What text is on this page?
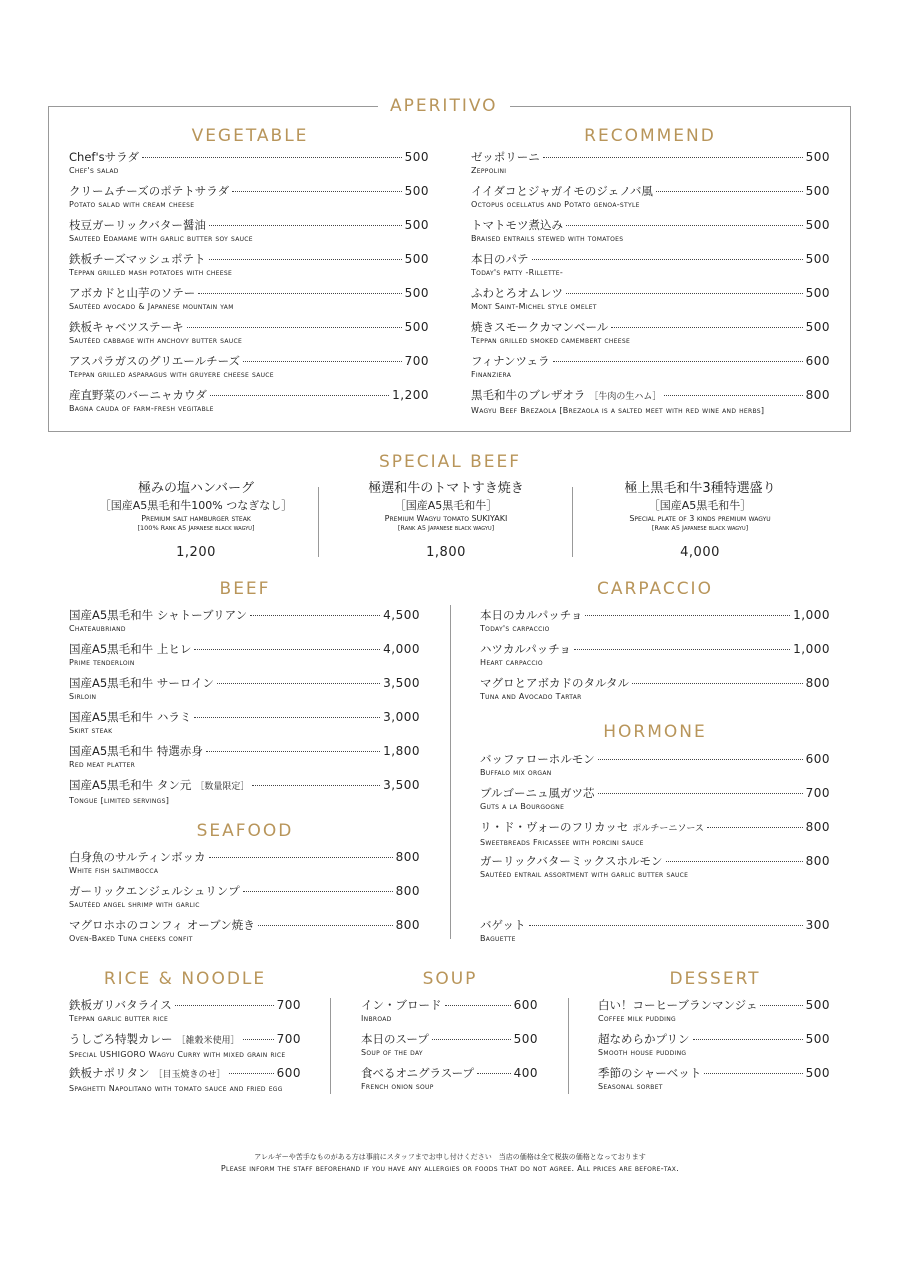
APERITIVO
VEGETABLE	RECOMMEND
Chef'sサラダ	500
Chef's salad
クリームチーズのポテトサラダ	500
Potato salad with cream cheese
枝豆ガーリックバター醤油	500
Sauteed Edamame with garlic butter soy sauce
鉄板チーズマッシュポテト	500
Teppan grilled mash potatoes with cheese
アボカドと山芋のソテー	500
Sautéed avocado & Japanese mountain yam
鉄板キャベツステーキ	500
Sautéed cabbage with anchovy butter sauce
アスパラガスのグリエールチーズ	700
Teppan grilled asparagus with gruyere cheese sauce
産直野菜のバーニャカウダ	1,200
Bagna cauda of farm-fresh vegitable
ゼッポリーニ	500
Zeppolini
イイダコとジャガイモのジェノバ風	500
Octopus ocellatus and Potato genoa-style
トマトモツ煮込み	500
Braised entrails stewed with tomatoes
本日のパテ	500
Today's patty -Rillette-
ふわとろオムレツ	500
Mont Saint-Michel style omelet
焼きスモークカマンベール	500
Teppan grilled smoked camembert cheese
フィナンツェラ	600
Finanziera
黒毛和牛のブレザオラ ［牛肉の生ハム］	800
Wagyu Beef Brezaola [Brezaola is a salted meet with red wine and herbs]
SPECIAL BEEF
極みの塩ハンバーグ
［国産A5黒毛和牛100% つなぎなし］
Premium salt hamburger steak
[100% Rank A5 Japanese black wagyu]
1,200
極選和牛のトマトすき焼き
［国産A5黒毛和牛］
Premium Wagyu tomato SUKIYAKI
[Rank A5 Japanese black wagyu]
1,800
極上黒毛和牛3種特選盛り
［国産A5黒毛和牛］
Special plate of 3 kinds premium wagyu
[Rank A5 Japanese black wagyu]
4,000
BEEF	CARPACCIO
国産A5黒毛和牛 シャトーブリアン	4,500
Chateaubriand
国産A5黒毛和牛 上ヒレ	4,000
Prime tenderloin
国産A5黒毛和牛 サーロイン	3,500
Sirloin
国産A5黒毛和牛 ハラミ	3,000
Skirt steak
国産A5黒毛和牛 特選赤身	1,800
Red meat platter
国産A5黒毛和牛 タン元 ［数量限定］	3,500
Tongue [limited servings]
本日のカルパッチョ	1,000
Today's carpaccio
ハツカルパッチョ	1,000
Heart carpaccio
マグロとアボカドのタルタル	800
Tuna and Avocado Tartar
SEAFOOD
白身魚のサルティンボッカ	800
White fish saltimbocca
ガーリックエンジェルシュリンプ	800
Sautéed angel shrimp with garlic
マグロホホのコンフィ オーブン焼き	800
Oven-Baked Tuna cheeks confit
HORMONE
バッファローホルモン	600
Buffalo mix organ
ブルゴーニュ風ガツ芯	700
Guts a la Bourgogne
リ・ド・ヴォーのフリカッセ ポルチーニソース	800
Sweetbreads Fricassee with porcini sauce
ガーリックバターミックスホルモン	800
Sautéed entrail assortment with garlic butter sauce
バゲット	300
Baguette
RICE & NOODLE	SOUP	DESSERT
鉄板ガリバタライス	700
Teppan garlic butter rice
うしごろ特製カレー ［雑穀米使用］	700
Special USHIGORO Wagyu Curry with mixed grain rice
鉄板ナポリタン ［目玉焼きのせ］	600
Spaghetti Napolitano with tomato sauce and fried egg
イン・ブロード	600
Inbroad
本日のスープ	500
Soup of the day
食べるオニグラスープ	400
French onion soup
白い！コーヒーブランマンジェ	500
Coffee milk pudding
超なめらかプリン	500
Smooth house pudding
季節のシャーベット	500
Seasonal sorbet
アレルギーや苦手なものがある方は事前にスタッフまでお申し付けください　当店の価格は全て税抜の価格となっております
Please inform the staff beforehand if you have any allergies or foods that do not agree. All prices are before-tax.
